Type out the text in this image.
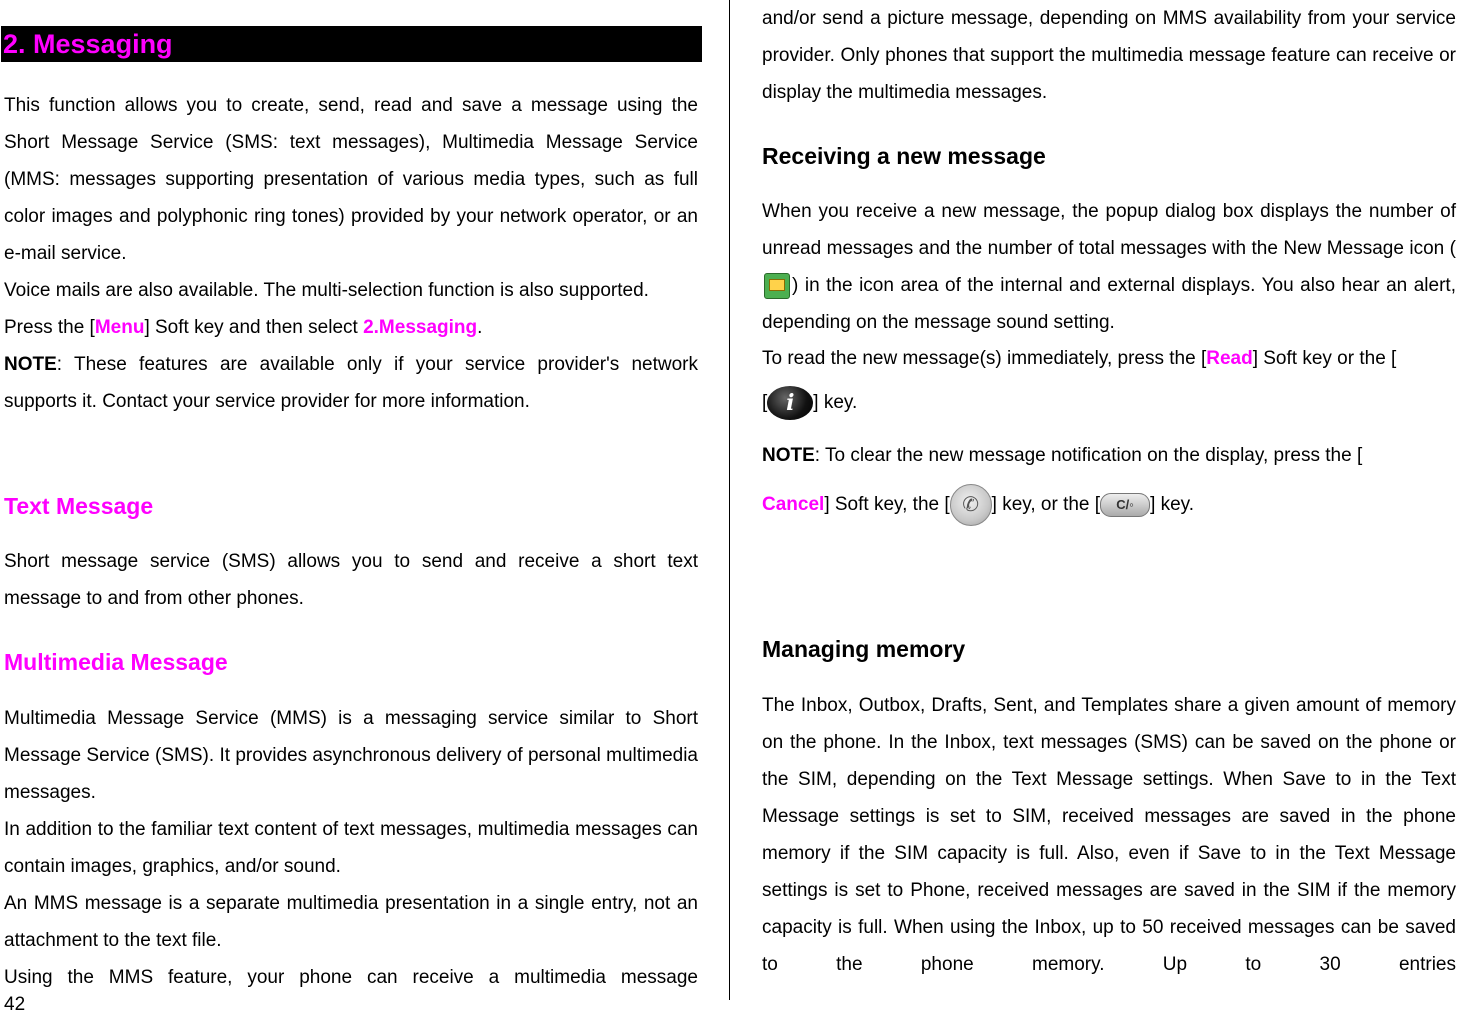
2. Messaging

This function allows you to create, send, read and save a message using the Short Message Service (SMS: text messages), Multimedia Message Service (MMS: messages supporting presentation of various media types, such as full color images and polyphonic ring tones) provided by your network operator, or an e-mail service.

Voice mails are also available. The multi-selection function is also supported.

Press the [Menu] Soft key and then select 2.Messaging.

NOTE: These features are available only if your service provider's network supports it. Contact your service provider for more information.

Text Message

Short message service (SMS) allows you to send and receive a short text message to and from other phones.

Multimedia Message

Multimedia Message Service (MMS) is a messaging service similar to Short Message Service (SMS). It provides asynchronous delivery of personal multimedia messages.

In addition to the familiar text content of text messages, multimedia messages can contain images, graphics, and/or sound.

An MMS message is a separate multimedia presentation in a single entry, not an attachment to the text file.

Using the MMS feature, your phone can receive a multimedia message

and/or send a picture message, depending on MMS availability from your service provider. Only phones that support the multimedia message feature can receive or display the multimedia messages.

Receiving a new message

When you receive a new message, the popup dialog box displays the number of unread messages and the number of total messages with the New Message icon () in the icon area of the internal and external displays. You also hear an alert, depending on the message sound setting.

To read the new message(s) immediately, press the [Read] Soft key or the [

[ i ] key.

NOTE: To clear the new message notification on the display, press the [

Cancel] Soft key, the [ ✆ ] key, or the [ C/◦ ] key.

Managing memory

The Inbox, Outbox, Drafts, Sent, and Templates share a given amount of memory on the phone. In the Inbox, text messages (SMS) can be saved on the phone or the SIM, depending on the Text Message settings. When Save to in the Text Message settings is set to SIM, received messages are saved in the phone memory if the SIM capacity is full. Also, even if Save to in the Text Message settings is set to Phone, received messages are saved in the SIM if the memory capacity is full. When using the Inbox, up to 50 received messages can be saved to the phone memory. Up to 30 entries

42
